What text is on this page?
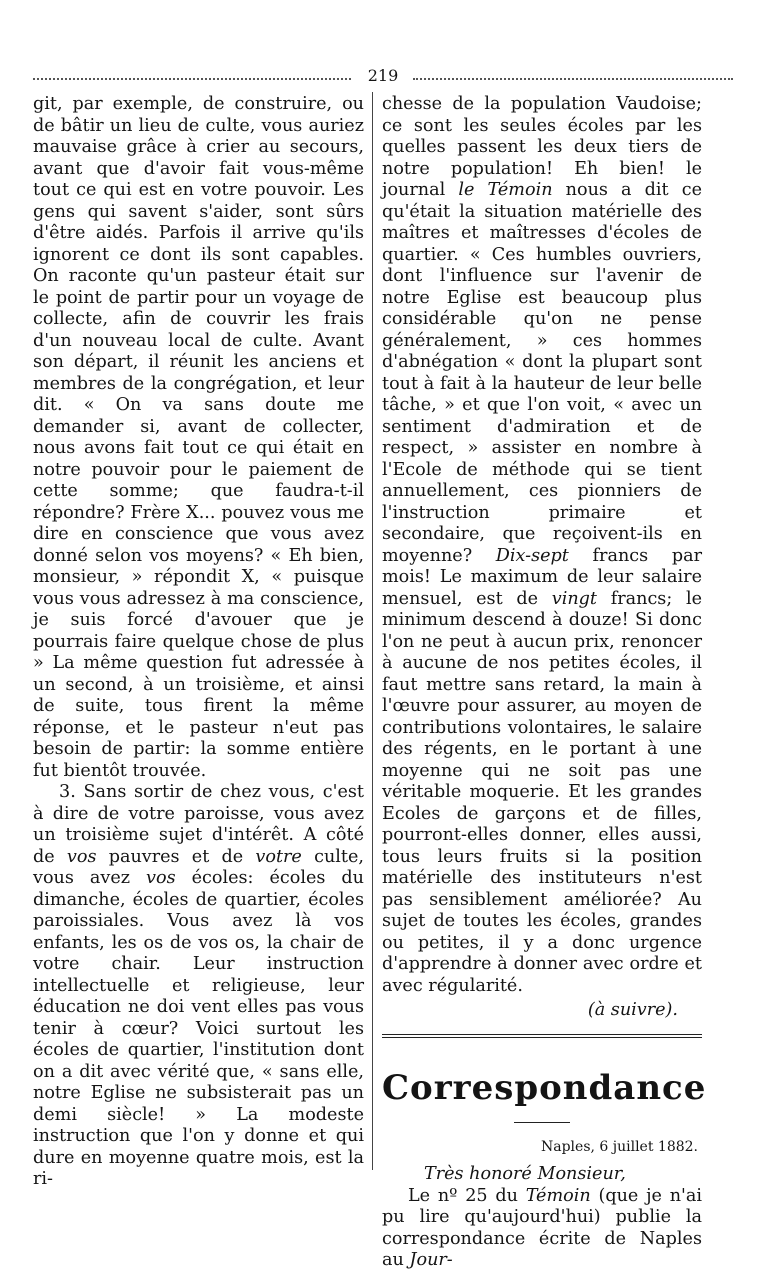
219

git, par exemple, de construire, ou de bâtir un lieu de culte, vous auriez mauvaise grâce à crier au secours, avant que d'avoir fait vous-même tout ce qui est en votre pouvoir. Les gens qui savent s'aider, sont sûrs d'être aidés. Parfois il arrive qu'ils ignorent ce dont ils sont capables. On raconte qu'un pasteur était sur le point de partir pour un voyage de collecte, afin de couvrir les frais d'un nouveau local de culte. Avant son départ, il réunit les anciens et membres de la congrégation, et leur dit. « On va sans doute me demander si, avant de collecter, nous avons fait tout ce qui était en notre pouvoir pour le paiement de cette somme; que faudra-t-il répondre? Frère X... pouvez vous me dire en conscience que vous avez donné selon vos moyens? « Eh bien, monsieur, » répondit X, « puisque vous vous adressez à ma conscience, je suis forcé d'avouer que je pourrais faire quelque chose de plus » La même question fut adressée à un second, à un troisième, et ainsi de suite, tous firent la même réponse, et le pasteur n'eut pas besoin de partir: la somme entière fut bientôt trouvée.

3. Sans sortir de chez vous, c'est à dire de votre paroisse, vous avez un troisième sujet d'intérêt. A côté de vos pauvres et de votre culte, vous avez vos écoles: écoles du dimanche, écoles de quartier, écoles paroissiales. Vous avez là vos enfants, les os de vos os, la chair de votre chair. Leur instruction intellectuelle et religieuse, leur éducation ne doi vent elles pas vous tenir à cœur? Voici surtout les écoles de quartier, l'institution dont on a dit avec vérité que, « sans elle, notre Eglise ne subsisterait pas un demi siècle! » La modeste instruction que l'on y donne et qui dure en moyenne quatre mois, est la ri-

chesse de la population Vaudoise; ce sont les seules écoles par les quelles passent les deux tiers de notre population! Eh bien! le journal le Témoin nous a dit ce qu'était la situation matérielle des maîtres et maîtresses d'écoles de quartier. « Ces humbles ouvriers, dont l'influence sur l'avenir de notre Eglise est beaucoup plus considérable qu'on ne pense généralement, » ces hommes d'abnégation « dont la plupart sont tout à fait à la hauteur de leur belle tâche, » et que l'on voit, « avec un sentiment d'admiration et de respect, » assister en nombre à l'Ecole de méthode qui se tient annuellement, ces pionniers de l'instruction primaire et secondaire, que reçoivent-ils en moyenne? Dix-sept francs par mois! Le maximum de leur salaire mensuel, est de vingt francs; le minimum descend à douze! Si donc l'on ne peut à aucun prix, renoncer à aucune de nos petites écoles, il faut mettre sans retard, la main à l'œuvre pour assurer, au moyen de contributions volontaires, le salaire des régents, en le portant à une moyenne qui ne soit pas une véritable moquerie. Et les grandes Ecoles de garçons et de filles, pourront-elles donner, elles aussi, tous leurs fruits si la position matérielle des instituteurs n'est pas sensiblement améliorée? Au sujet de toutes les écoles, grandes ou petites, il y a donc urgence d'apprendre à donner avec ordre et avec régularité.

(à suivre).

Correspondance

Naples, 6 juillet 1882.

Très honoré Monsieur,

Le nº 25 du Témoin (que je n'ai pu lire qu'aujourd'hui) publie la correspondance écrite de Naples au Jour-
